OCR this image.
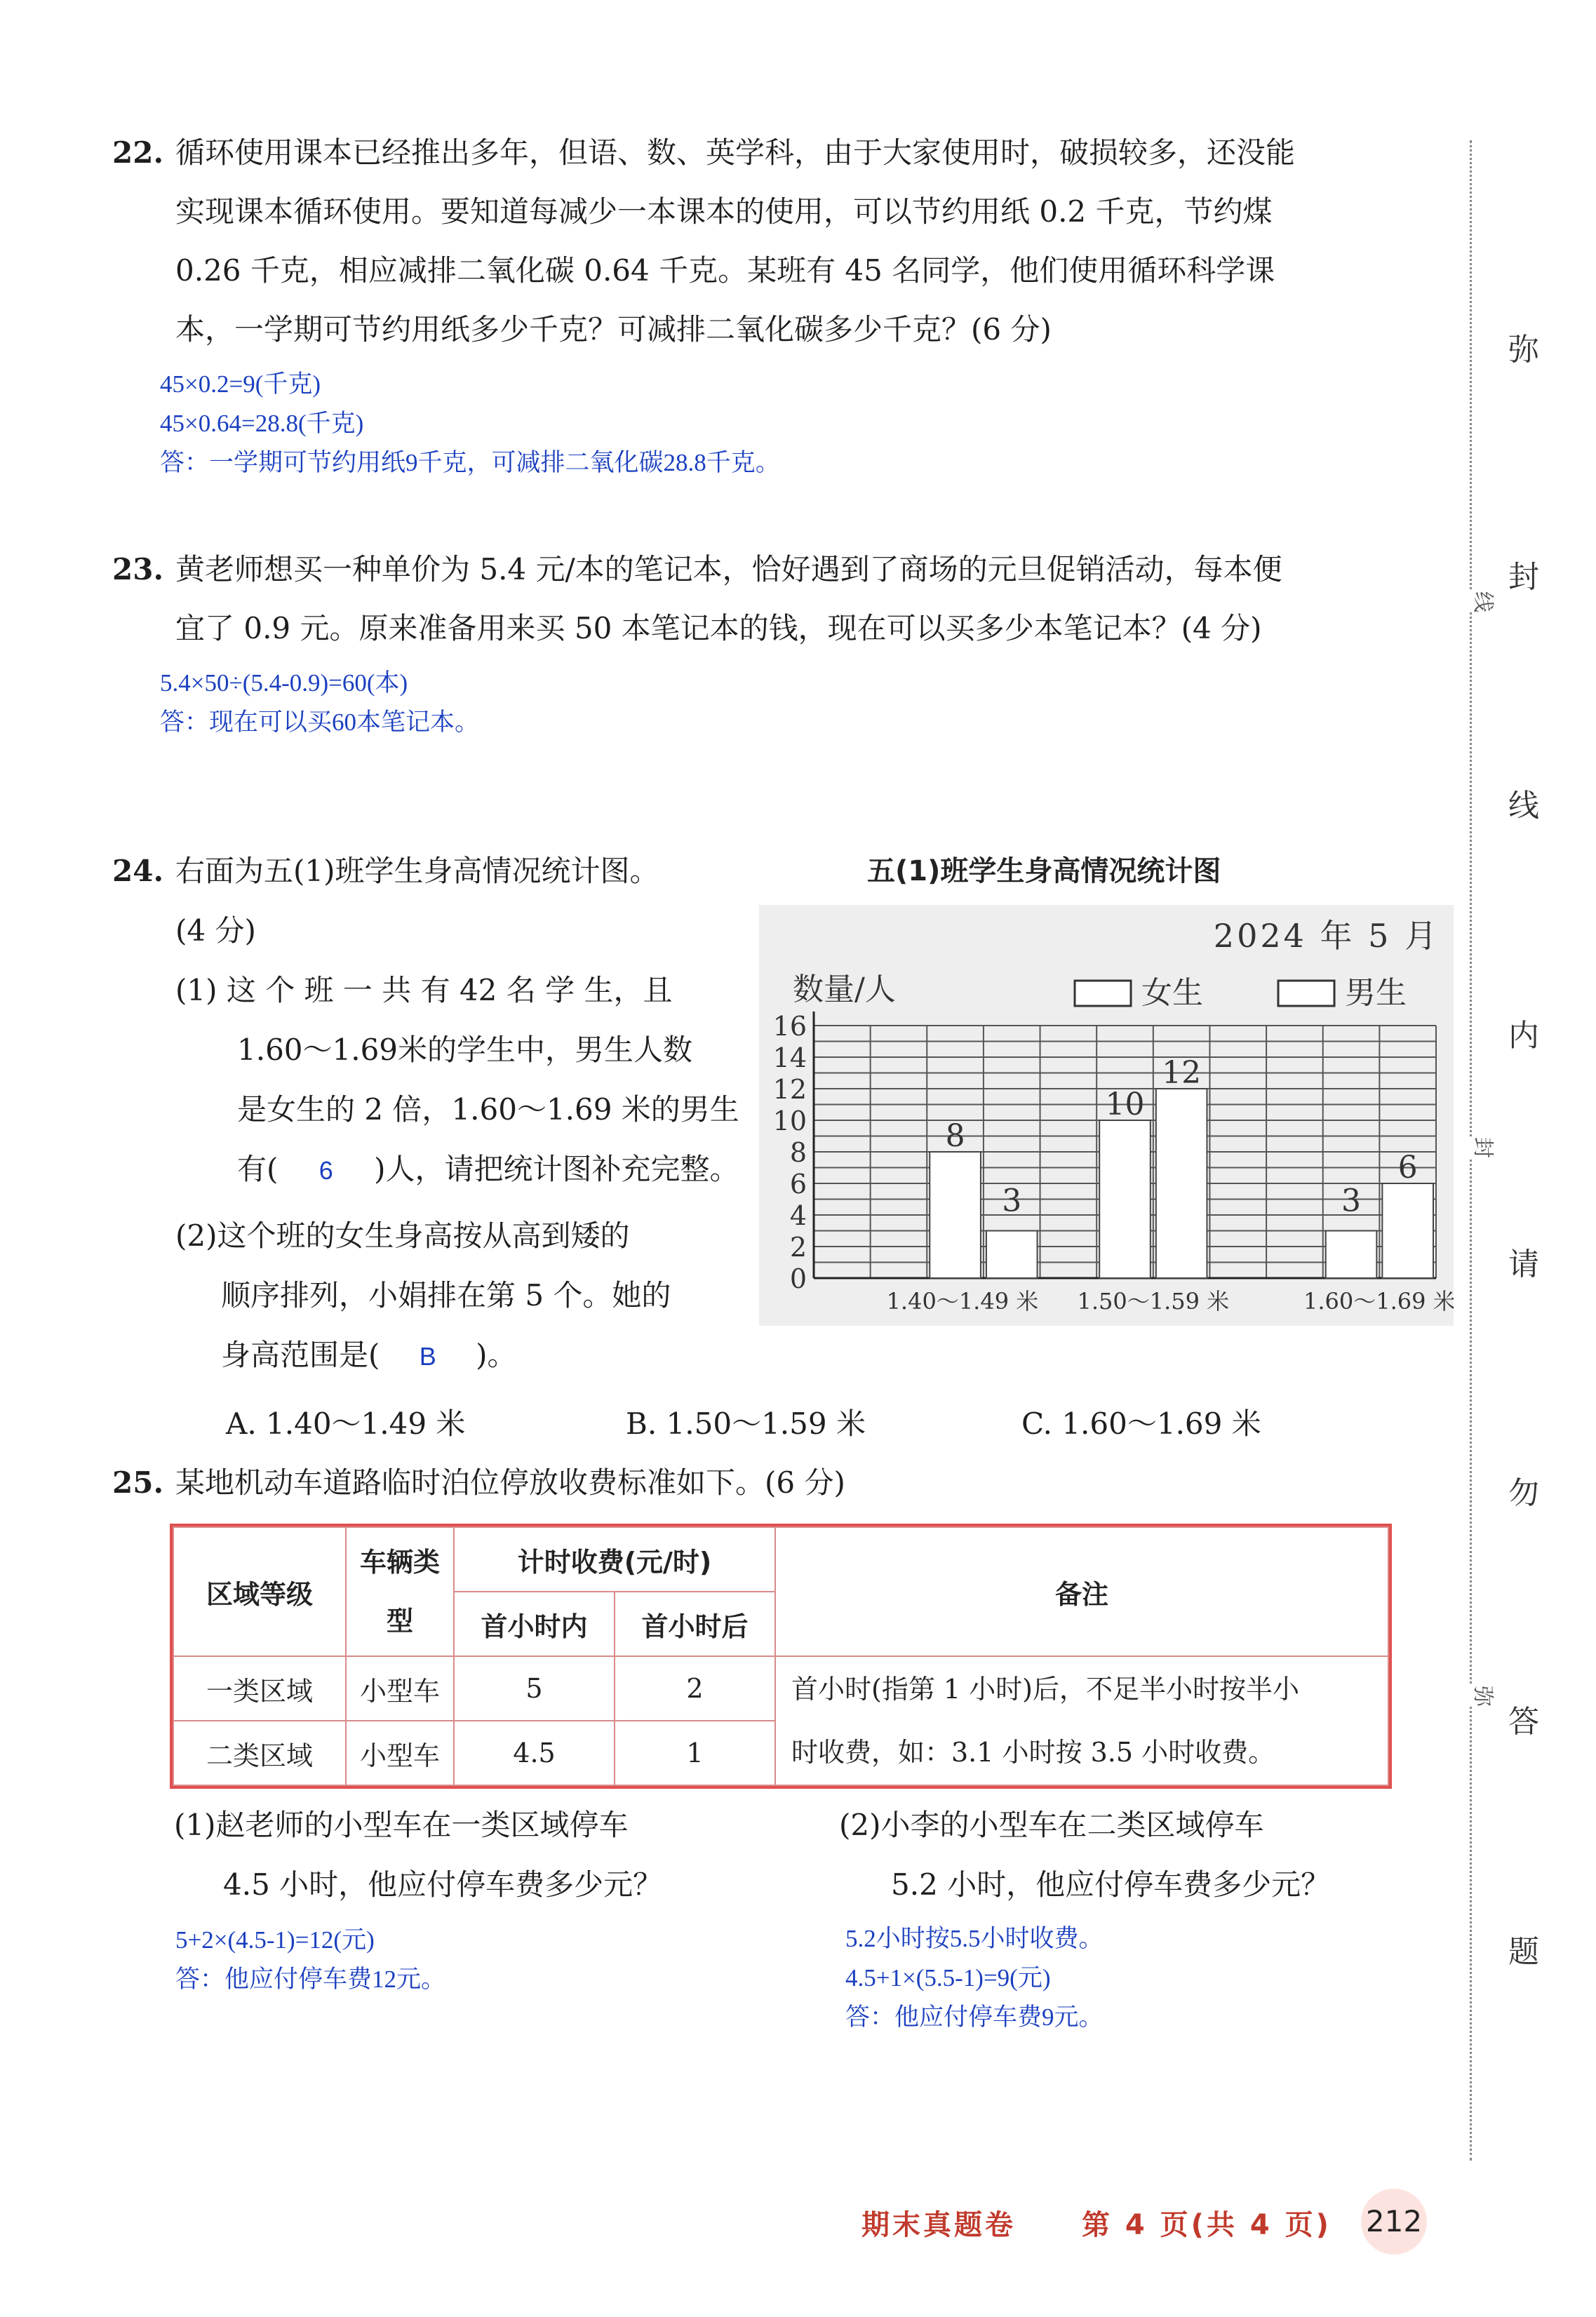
22. 循环使用课本已经推出多年，但语、数、英学科，由于大家使用时，破损较多，还没能
实现课本循环使用。要知道每减少一本课本的使用，可以节约用纸 0.2 千克，节约煤
0.26 千克，相应减排二氧化碳 0.64 千克。某班有 45 名同学，他们使用循环科学课
本，一学期可节约用纸多少千克？可减排二氧化碳多少千克？(6 分)
45×0.2=9(千克)
45×0.64=28.8(千克)
答：一学期可节约用纸9千克，可减排二氧化碳28.8千克。
23. 黄老师想买一种单价为 5.4 元/本的笔记本，恰好遇到了商场的元旦促销活动，每本便
宜了 0.9 元。原来准备用来买 50 本笔记本的钱，现在可以买多少本笔记本？(4 分)
5.4×50÷(5.4-0.9)=60(本)
答：现在可以买60本笔记本。
24. 右面为五(1)班学生身高情况统计图。
(4 分)
(1) 这 个 班 一 共 有 42 名 学 生，且
1.60～1.69米的学生中，男生人数
是女生的 2 倍，1.60～1.69 米的男生
有( 6 )人，请把统计图补充完整。
(2)这个班的女生身高按从高到矮的
顺序排列，小娟排在第 5 个。她的
身高范围是( B )。
A. 1.40～1.49 米	B. 1.50～1.59 米	C. 1.60～1.69 米
五(1)班学生身高情况统计图
16
14
12
10
8
6
4
2
0
2024 年 5 月
数量/人	女生	男生
8
3
1.40～1.49 米
10
12
1.50～1.59 米
3
6
1.60～1.69 米
25. 某地机动车道路临时泊位停放收费标准如下。(6 分)
区域等级	车辆类型	计时收费(元/时)		备注
		首小时内	首小时后	
一类区域	小型车	5	2	首小时(指第 1 小时)后，不足半小时按半小
时收费，如：3.1 小时按 3.5 小时收费。

二类区域	小型车	4.5	1	
(1)赵老师的小型车在一类区域停车
4.5 小时，他应付停车费多少元？
5+2×(4.5-1)=12(元)
答：他应付停车费12元。
(2)小李的小型车在二类区域停车
5.2 小时，他应付停车费多少元？
5.2小时按5.5小时收费。
4.5+1×(5.5-1)=9(元)
答：他应付停车费9元。
弥
封
线
内
请
勿
答
题
线
封
弥
期末真题卷 第 4 页(共 4 页) 212
